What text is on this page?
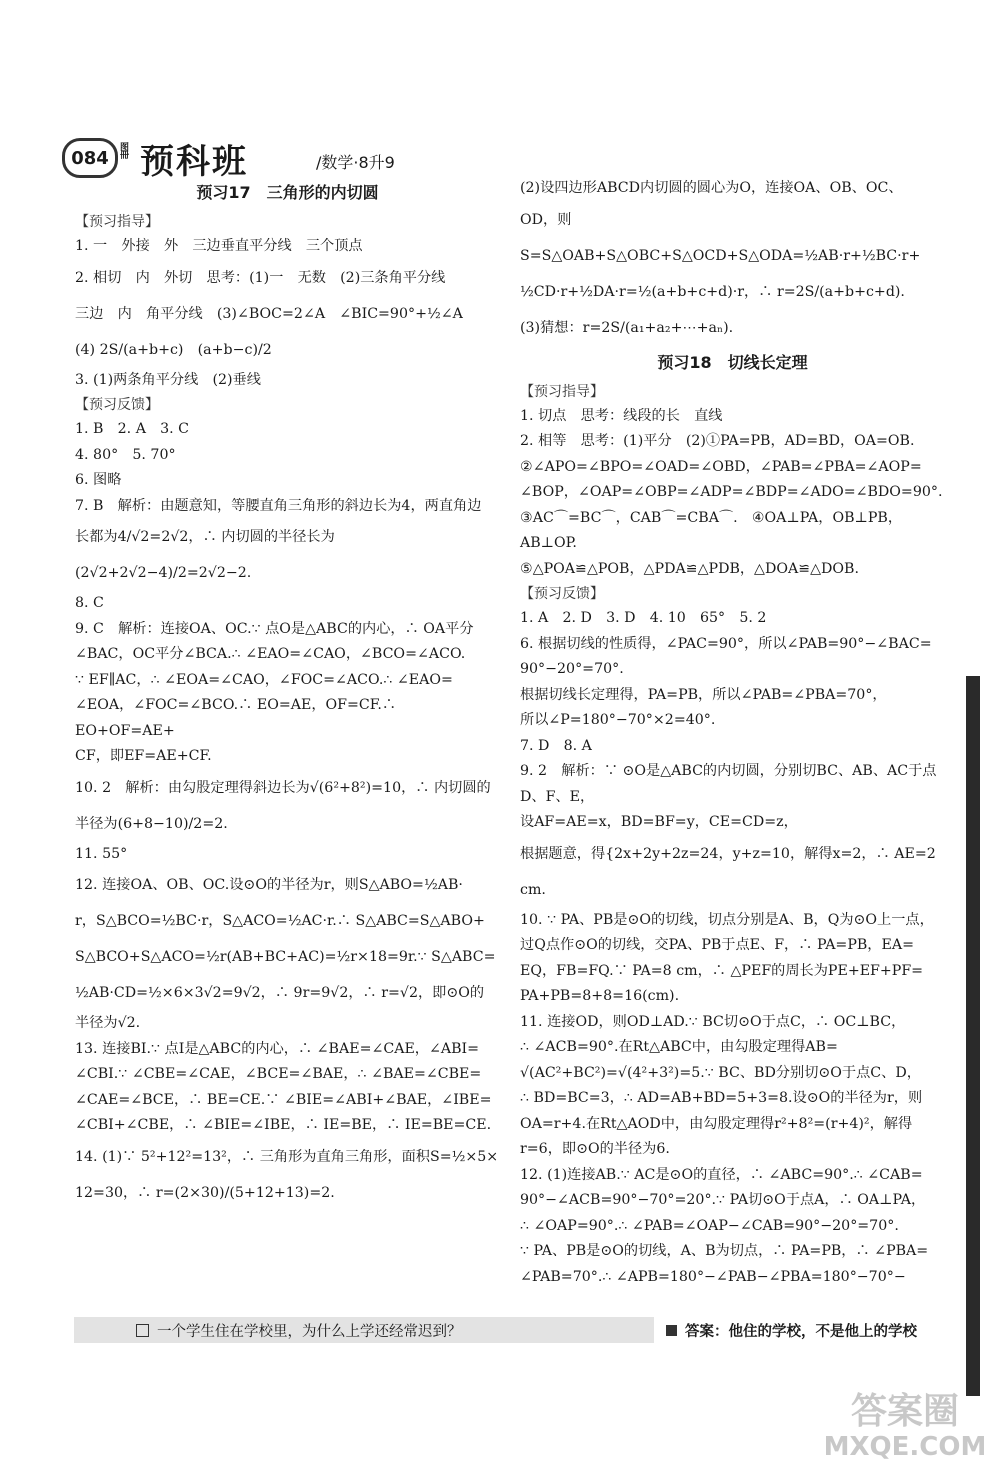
084	图 冊 预科班	/数学·8升9
预习17　三角形的内切圆
【预习指导】
1. 一　外接　外　三边垂直平分线　三个顶点
2. 相切　内　外切　思考：(1)一　无数　(2)三条角平分线
三边　内　角平分线　(3)∠BOC=2∠A　∠BIC=90°+½∠A
(4) 2S/(a+b+c)　(a+b−c)/2
3. (1)两条角平分线　(2)垂线
【预习反馈】
1. B　2. A　3. C
4. 80°　5. 70°
6. 图略
7. B　解析：由题意知，等腰直角三角形的斜边长为4，两直角边
长都为4/√2=2√2，∴ 内切圆的半径长为(2√2+2√2−4)/2=2√2−2.
8. C
9. C　解析：连接OA、OC.∵ 点O是△ABC的内心，∴ OA平分
∠BAC，OC平分∠BCA.∴ ∠EAO=∠CAO，∠BCO=∠ACO.
∵ EF∥AC，∴ ∠EOA=∠CAO，∠FOC=∠ACO.∴ ∠EAO=
∠EOA，∠FOC=∠BCO.∴ EO=AE，OF=CF.∴ EO+OF=AE+
CF，即EF=AE+CF.
10. 2　解析：由勾股定理得斜边长为√(6²+8²)=10，∴ 内切圆的
半径为(6+8−10)/2=2.
11. 55°
12. 连接OA、OB、OC.设⊙O的半径为r，则S△ABO=½AB·
r，S△BCO=½BC·r，S△ACO=½AC·r.∴ S△ABC=S△ABO+
S△BCO+S△ACO=½r(AB+BC+AC)=½r×18=9r.∵ S△ABC=
½AB·CD=½×6×3√2=9√2，∴ 9r=9√2，∴ r=√2，即⊙O的
半径为√2.
13. 连接BI.∵ 点I是△ABC的内心，∴ ∠BAE=∠CAE，∠ABI=
∠CBI.∵ ∠CBE=∠CAE，∠BCE=∠BAE，∴ ∠BAE=∠CBE=
∠CAE=∠BCE，∴ BE=CE.∵ ∠BIE=∠ABI+∠BAE，∠IBE=
∠CBI+∠CBE，∴ ∠BIE=∠IBE，∴ IE=BE，∴ IE=BE=CE.
14. (1)∵ 5²+12²=13²，∴ 三角形为直角三角形，面积S=½×5×
12=30，∴ r=(2×30)/(5+12+13)=2.
(2)设四边形ABCD内切圆的圆心为O，连接OA、OB、OC、
OD，则S=S△OAB+S△OBC+S△OCD+S△ODA=½AB·r+½BC·r+
½CD·r+½DA·r=½(a+b+c+d)·r，∴ r=2S/(a+b+c+d).
(3)猜想：r=2S/(a₁+a₂+⋯+aₙ).
预习18　切线长定理
【预习指导】
1. 切点　思考：线段的长　直线
2. 相等　思考：(1)平分　(2)①PA=PB，AD=BD，OA=OB.
②∠APO=∠BPO=∠OAD=∠OBD，∠PAB=∠PBA=∠AOP=
∠BOP，∠OAP=∠OBP=∠ADP=∠BDP=∠ADO=∠BDO=90°.
③AC⌒=BC⌒，CAB⌒=CBA⌒.　④OA⊥PA，OB⊥PB，AB⊥OP.
⑤△POA≌△POB，△PDA≌△PDB，△DOA≌△DOB.
【预习反馈】
1. A　2. D　3. D　4. 10　65°　5. 2
6. 根据切线的性质得，∠PAC=90°，所以∠PAB=90°−∠BAC=
90°−20°=70°.
根据切线长定理得，PA=PB，所以∠PAB=∠PBA=70°，
所以∠P=180°−70°×2=40°.
7. D　8. A
9. 2　解析：∵ ⊙O是△ABC的内切圆，分别切BC、AB、AC于点
D、F、E，
设AF=AE=x，BD=BF=y，CE=CD=z，
根据题意，得{2x+2y+2z=24，y+z=10，解得x=2，∴ AE=2 cm.
10. ∵ PA、PB是⊙O的切线，切点分别是A、B，Q为⊙O上一点，
过Q点作⊙O的切线，交PA、PB于点E、F，∴ PA=PB，EA=
EQ，FB=FQ.∵ PA=8 cm，∴ △PEF的周长为PE+EF+PF=
PA+PB=8+8=16(cm).
11. 连接OD，则OD⊥AD.∵ BC切⊙O于点C，∴ OC⊥BC，
∴ ∠ACB=90°.在Rt△ABC中，由勾股定理得AB=
√(AC²+BC²)=√(4²+3²)=5.∵ BC、BD分别切⊙O于点C、D，
∴ BD=BC=3，∴ AD=AB+BD=5+3=8.设⊙O的半径为r，则
OA=r+4.在Rt△AOD中，由勾股定理得r²+8²=(r+4)²，解得
r=6，即⊙O的半径为6.
12. (1)连接AB.∵ AC是⊙O的直径，∴ ∠ABC=90°.∴ ∠CAB=
90°−∠ACB=90°−70°=20°.∵ PA切⊙O于点A，∴ OA⊥PA，
∴ ∠OAP=90°.∴ ∠PAB=∠OAP−∠CAB=90°−20°=70°.
∵ PA、PB是⊙O的切线，A、B为切点，∴ PA=PB，∴ ∠PBA=
∠PAB=70°.∴ ∠APB=180°−∠PAB−∠PBA=180°−70°−
一个学生住在学校里，为什么上学还经常迟到？	答案：他住的学校，不是他上的学校
答案圈
MXQE.COM
